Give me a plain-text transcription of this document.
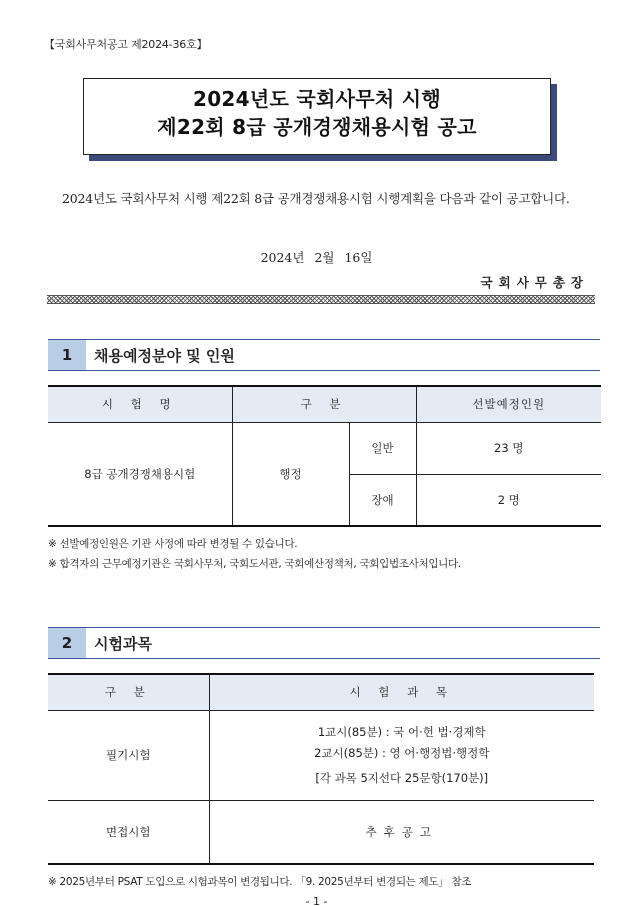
【국회사무처공고 제2024-36호】
2024년도 국회사무처 시행
제22회 8급 공개경쟁채용시험 공고
2024년도 국회사무처 시행 제22회 8급 공개경쟁채용시험 시행계획을 다음과 같이 공고합니다.
2024년 2월 16일
국회사무총장
1	채용예정분야 및 인원
시 험 명	구 분		선발예정인원
8급 공개경쟁채용시험	행정	일반	23 명
		장애	2 명
※ 선발예정인원은 기관 사정에 따라 변경될 수 있습니다.
※ 합격자의 근무예정기관은 국회사무처, 국회도서관, 국회예산정책처, 국회입법조사처입니다.
2	시험과목
구 분	시 험 과 목
필기시험	1교시(85분) : 국 어·헌 법·경제학
2교시(85분) : 영 어·행정법·행정학
[각 과목 5지선다 25문항(170분)]

면접시험	추후공고
※ 2025년부터 PSAT 도입으로 시험과목이 변경됩니다. 「9. 2025년부터 변경되는 제도」 참조
- 1 -
